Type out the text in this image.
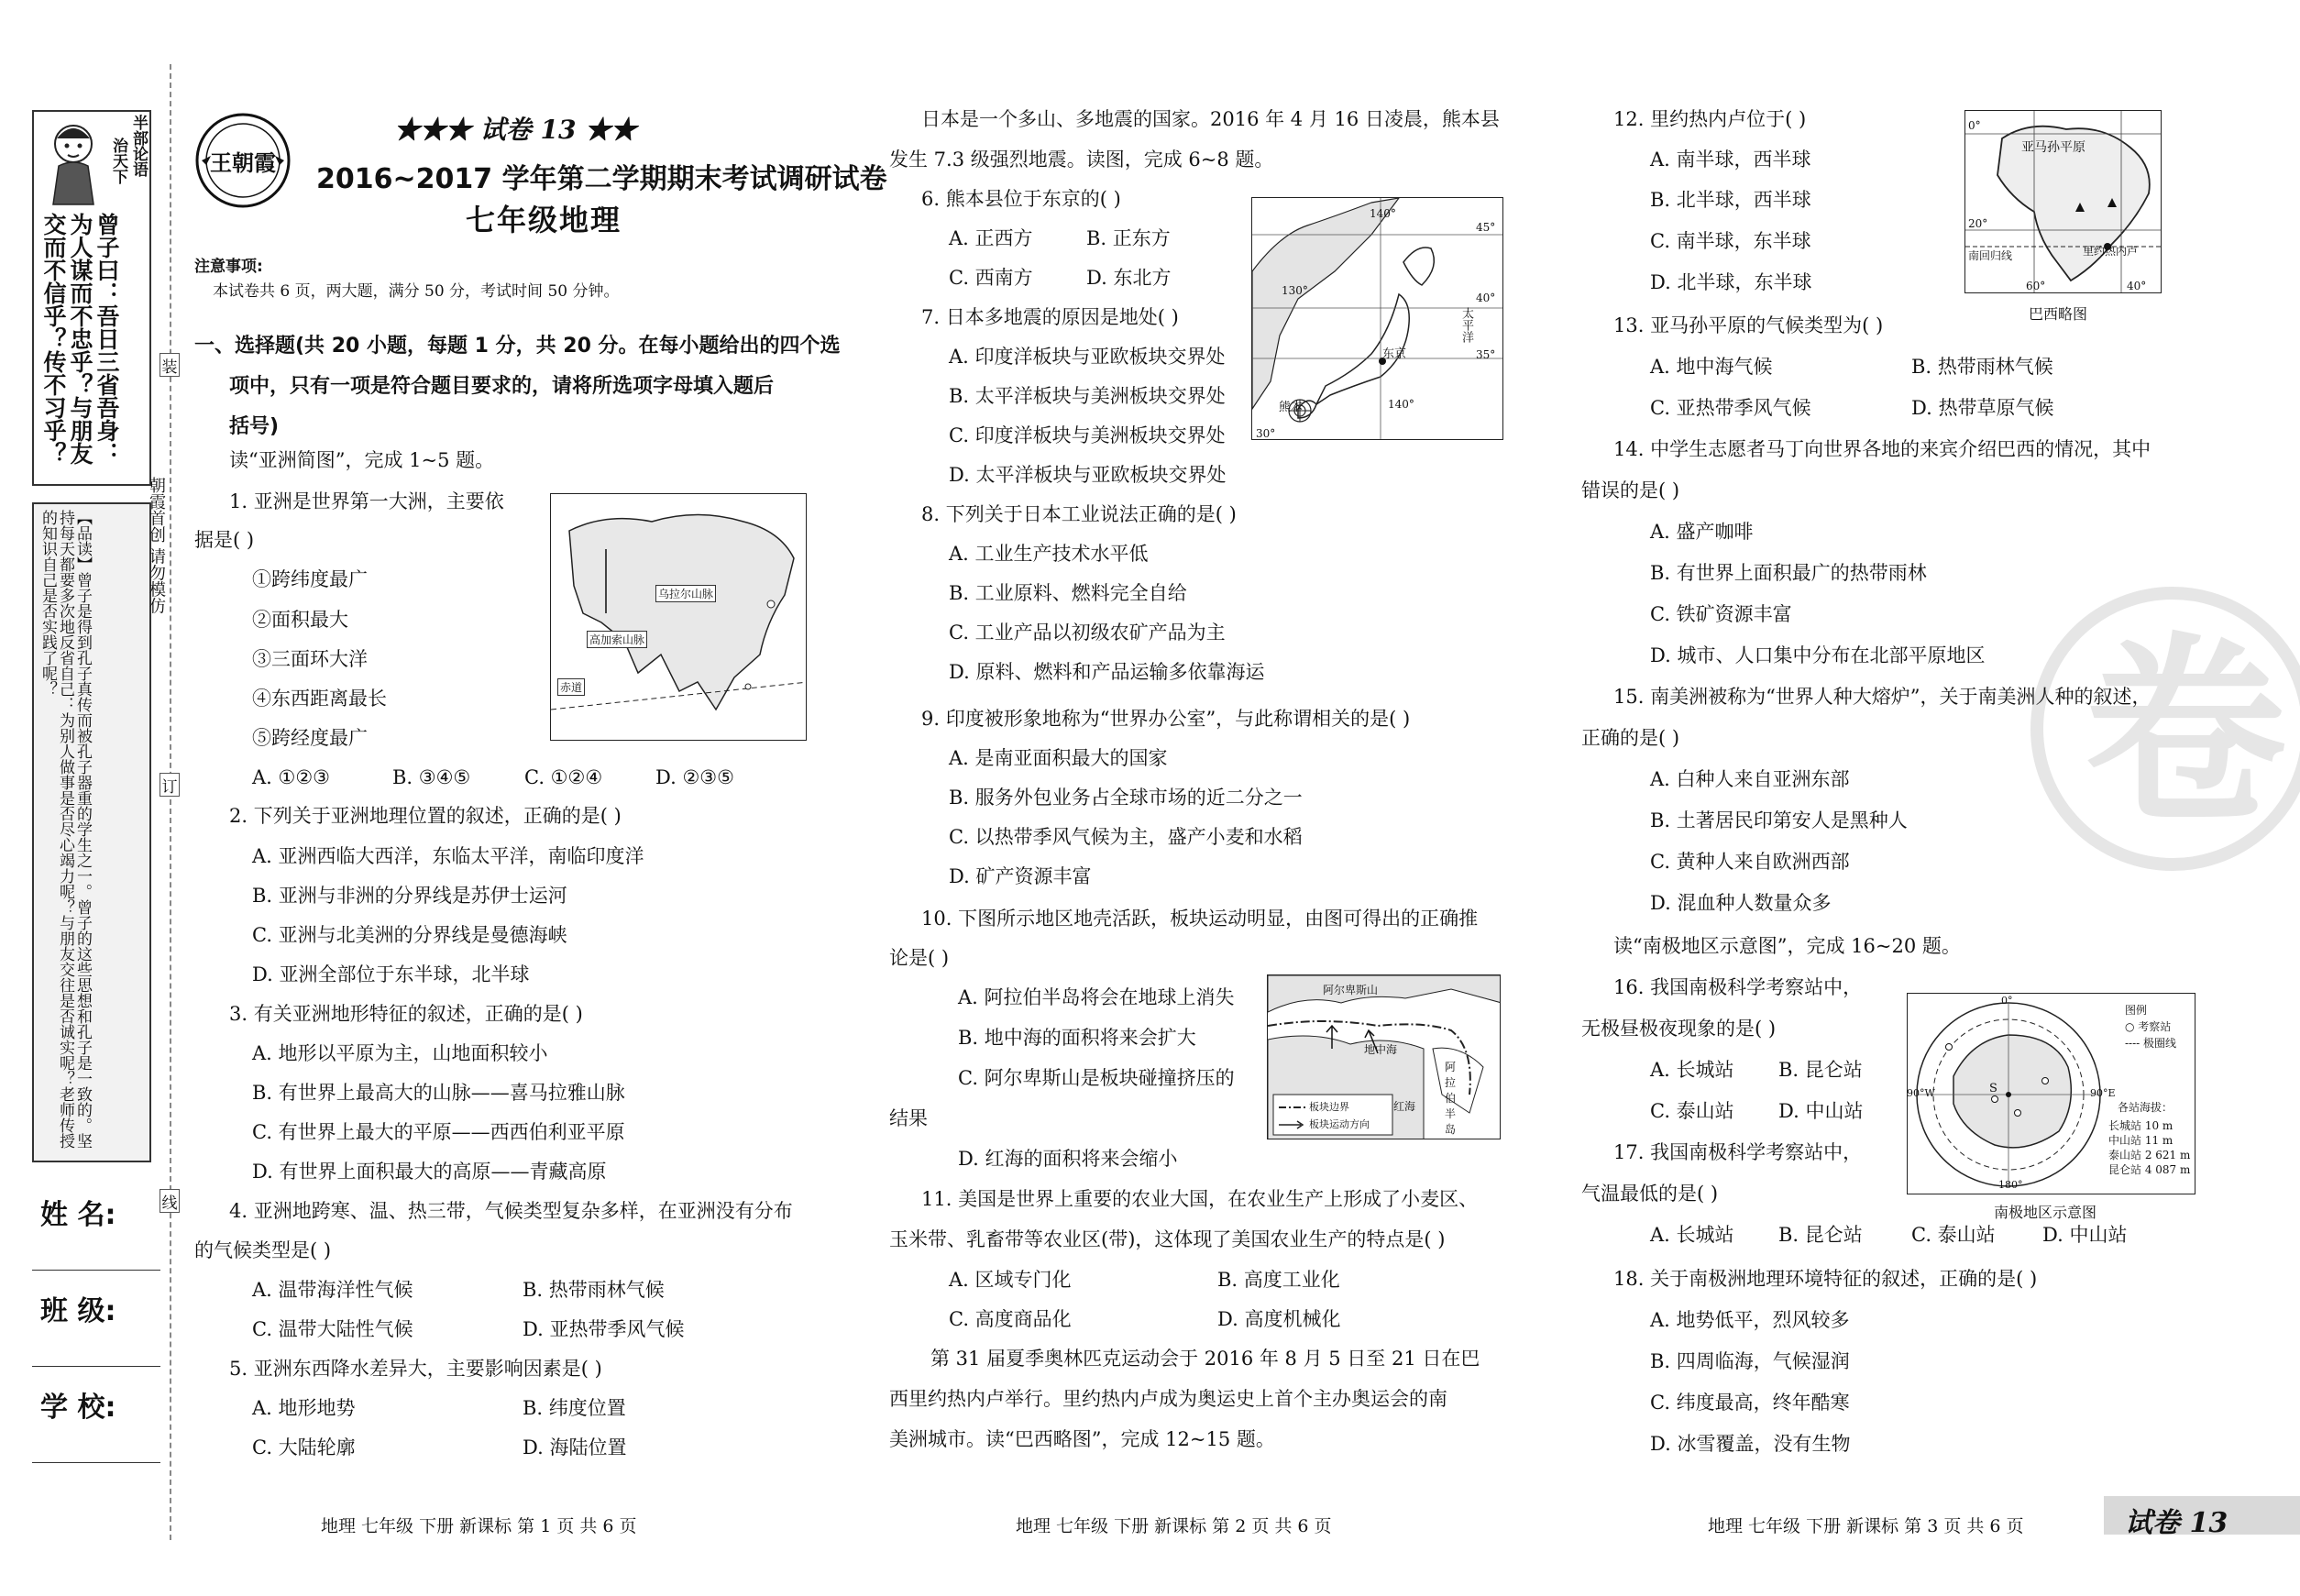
半部论语
治天下
曾子曰：吾日三省吾身：为人谋而不忠乎？与朋友交而不信乎？传不习乎？
【品读】曾子是得到孔子真传而被孔子器重的学生之一。曾子的这些思想和孔子是一致的。坚持每天都要多次地反省自己：为别人做事是否尽心竭力呢？与朋友交往是否诚实呢？老师传授的知识自己是否实践了呢？	朝霞首创 请勿模仿
装
订
线
姓 名:
班 级:
学 校:
王朝霞
★★★ 试卷 13 ★★
2016~2017 学年第二学期期末考试调研试卷
七年级地理
注意事项:
本试卷共 6 页，两大题，满分 50 分，考试时间 50 分钟。
一、选择题(共 20 小题，每题 1 分，共 20 分。在每小题给出的四个选
项中，只有一项是符合题目要求的，请将所选项字母填入题后
括号)
读“亚洲简图”，完成 1~5 题。
1. 亚洲是世界第一大洲，主要依
据是( )
①跨纬度最广
②面积最大
③三面环大洋
④东西距离最长
⑤跨经度最广
A. ①②③	B. ③④⑤	C. ①②④	D. ②③⑤
乌拉尔山脉
高加索山脉
赤道
2. 下列关于亚洲地理位置的叙述，正确的是( )
A. 亚洲西临大西洋，东临太平洋，南临印度洋
B. 亚洲与非洲的分界线是苏伊士运河
C. 亚洲与北美洲的分界线是曼德海峡
D. 亚洲全部位于东半球，北半球
3. 有关亚洲地形特征的叙述，正确的是( )
A. 地形以平原为主，山地面积较小
B. 有世界上最高大的山脉——喜马拉雅山脉
C. 有世界上最大的平原——西西伯利亚平原
D. 有世界上面积最大的高原——青藏高原
4. 亚洲地跨寒、温、热三带，气候类型复杂多样，在亚洲没有分布
的气候类型是( )
A. 温带海洋性气候	B. 热带雨林气候
C. 温带大陆性气候	D. 亚热带季风气候
5. 亚洲东西降水差异大，主要影响因素是( )
A. 地形地势	B. 纬度位置
C. 大陆轮廓	D. 海陆位置
地理 七年级 下册 新课标 第 1 页 共 6 页
日本是一个多山、多地震的国家。2016 年 4 月 16 日凌晨，熊本县
发生 7.3 级强烈地震。读图，完成 6~8 题。
6. 熊本县位于东京的( )
A. 正西方	B. 正东方
C. 西南方	D. 东北方
7. 日本多地震的原因是地处( )
A. 印度洋板块与亚欧板块交界处
B. 太平洋板块与美洲板块交界处
C. 印度洋板块与美洲板块交界处
D. 太平洋板块与亚欧板块交界处
140°
45°
130°
40°
太平洋
东京
熊本
30°
140°
35°
8. 下列关于日本工业说法正确的是( )
A. 工业生产技术水平低
B. 工业原料、燃料完全自给
C. 工业产品以初级农矿产品为主
D. 原料、燃料和产品运输多依靠海运
9. 印度被形象地称为“世界办公室”，与此称谓相关的是( )
A. 是南亚面积最大的国家
B. 服务外包业务占全球市场的近二分之一
C. 以热带季风气候为主，盛产小麦和水稻
D. 矿产资源丰富
10. 下图所示地区地壳活跃，板块运动明显，由图可得出的正确推
论是( )
A. 阿拉伯半岛将会在地球上消失
B. 地中海的面积将来会扩大
C. 阿尔卑斯山是板块碰撞挤压的
结果
D. 红海的面积将来会缩小
阿尔卑斯山
地中海
阿拉伯半岛
红海
板块边界
板块运动方向
11. 美国是世界上重要的农业大国，在农业生产上形成了小麦区、
玉米带、乳畜带等农业区(带)，这体现了美国农业生产的特点是( )
A. 区域专门化	B. 高度工业化
C. 高度商品化	D. 高度机械化
第 31 届夏季奥林匹克运动会于 2016 年 8 月 5 日至 21 日在巴
西里约热内卢举行。里约热内卢成为奥运史上首个主办奥运会的南
美洲城市。读“巴西略图”，完成 12~15 题。
地理 七年级 下册 新课标 第 2 页 共 6 页
卷
12. 里约热内卢位于( )
A. 南半球，西半球
B. 北半球，西半球
C. 南半球，东半球
D. 北半球，东半球
0°
亚马孙平原
20°
南回归线	里约热内卢
60°	40°
巴西略图
13. 亚马孙平原的气候类型为( )
A. 地中海气候	B. 热带雨林气候
C. 亚热带季风气候	D. 热带草原气候
14. 中学生志愿者马丁向世界各地的来宾介绍巴西的情况，其中
错误的是( )
A. 盛产咖啡
B. 有世界上面积最广的热带雨林
C. 铁矿资源丰富
D. 城市、人口集中分布在北部平原地区
15. 南美洲被称为“世界人种大熔炉”，关于南美洲人种的叙述，
正确的是( )
A. 白种人来自亚洲东部
B. 土著居民印第安人是黑种人
C. 黄种人来自欧洲西部
D. 混血种人数量众多
读“南极地区示意图”，完成 16~20 题。
16. 我国南极科学考察站中，
无极昼极夜现象的是( )
A. 长城站 B. 昆仑站
C. 泰山站 D. 中山站
17. 我国南极科学考察站中，
气温最低的是( )
A. 长城站 B. 昆仑站	C. 泰山站 D. 中山站
0°
90°W	90°E
180°
S
图例
○ 考察站
---- 极圈线
各站海拔：
长城站 10 m
中山站 11 m
泰山站 2 621 m
昆仑站 4 087 m
南极地区示意图
18. 关于南极洲地理环境特征的叙述，正确的是( )
A. 地势低平，烈风较多
B. 四周临海，气候湿润
C. 纬度最高，终年酷寒
D. 冰雪覆盖，没有生物
地理 七年级 下册 新课标 第 3 页 共 6 页	试卷 13
